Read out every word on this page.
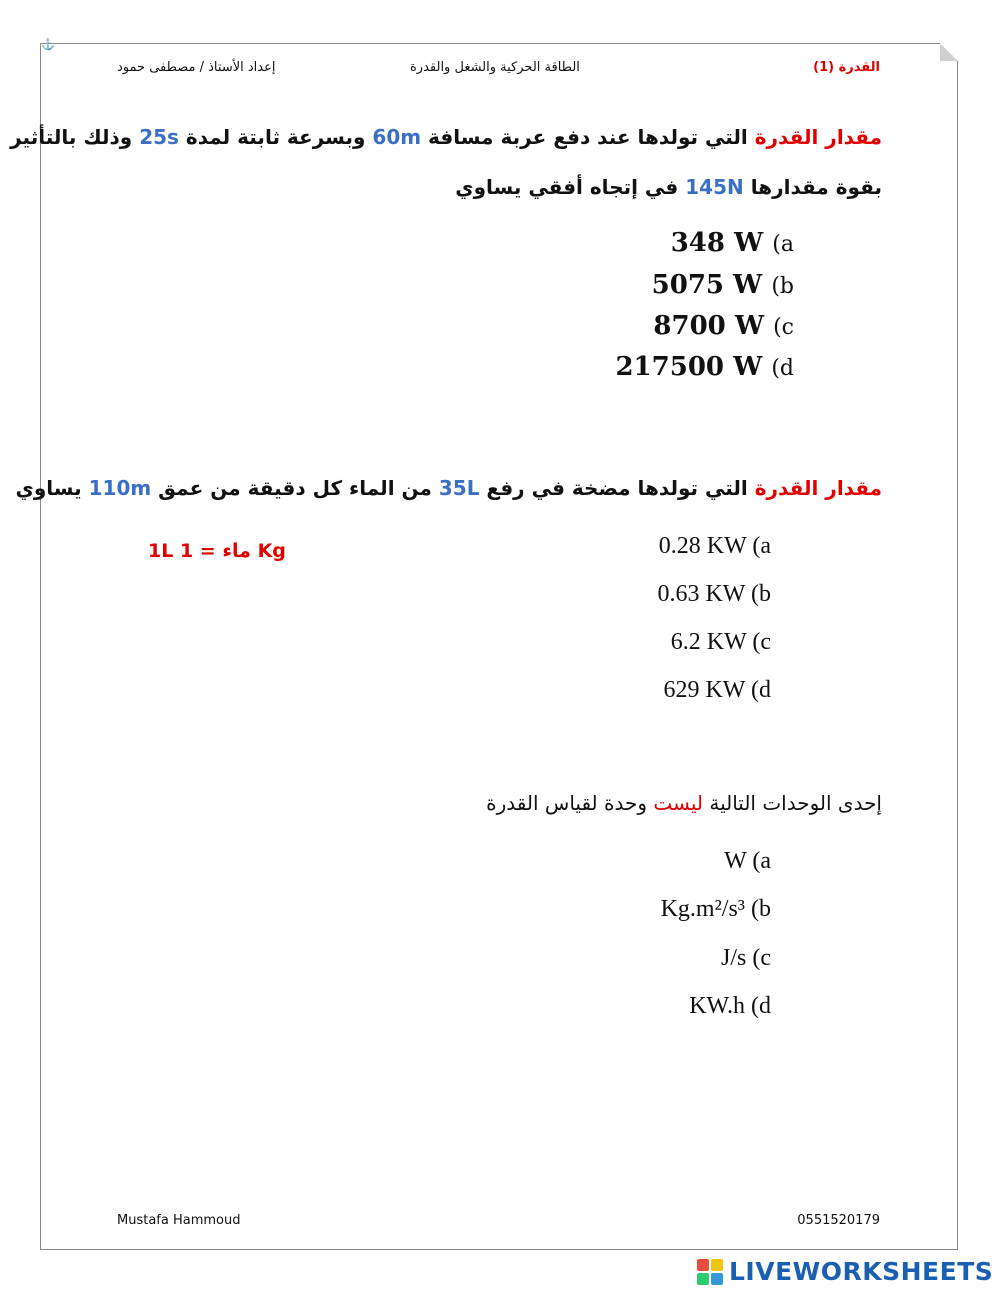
⚓
إعداد الأستاذ / مصطفى حمود	الطاقة الحركية والشغل والقدرة	القدرة (1)
مقدار القدرة التي تولدها عند دفع عربة مسافة 60m وبسرعة ثابتة لمدة 25s وذلك بالتأثير
بقوة مقدارها 145N في إتجاه أفقي يساوي
348 W (a
5075 W (b
8700 W (c
217500 W (d
مقدار القدرة التي تولدها مضخة في رفع 35L من الماء كل دقيقة من عمق 110m يساوي
1L ماء = 1 Kg	0.28 KW (a
0.63 KW (b
6.2 KW (c
629 KW (d
إحدى الوحدات التالية ليست وحدة لقياس القدرة
W (a
Kg.m²/s³ (b
J/s (c
KW.h (d
Mustafa Hammoud	0551520179
LIVEWORKSHEETS
